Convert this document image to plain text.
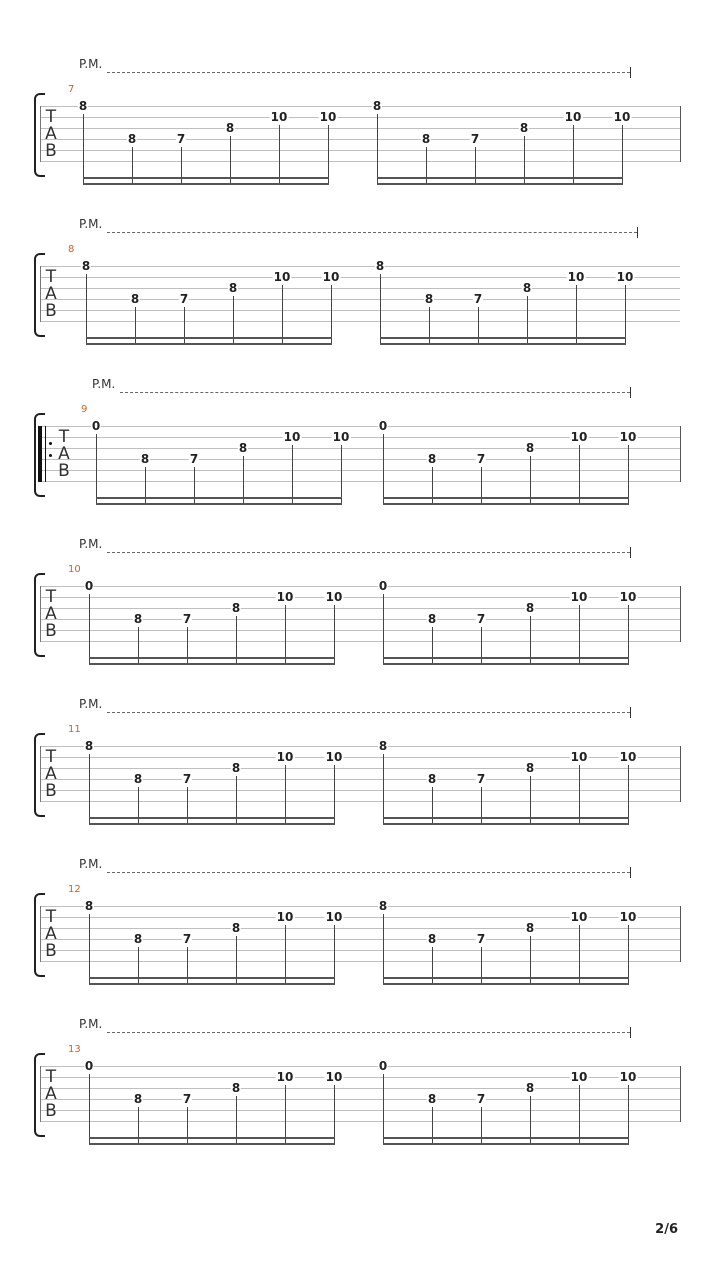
P.M.
7
T
A
B
8
8	7
8
10	10
8
8	7
8
10	10
P.M.
8
T
A
B
8
8	7
8
10	10
8
8	7
8
10	10
P.M.
9
T
A
B
0
8	7
8
10	10
0
8	7
8
10	10
P.M.
10
T
A
B
0
8	7
8
10	10
0
8	7
8
10	10
P.M.
11
T
A
B
8
8	7
8
10	10
8
8	7
8
10	10
P.M.
12
T
A
B
8
8	7
8
10	10
8
8	7
8
10	10
P.M.
13
T
A
B
0
8	7
8
10	10
0
8	7
8
10	10
2/6
